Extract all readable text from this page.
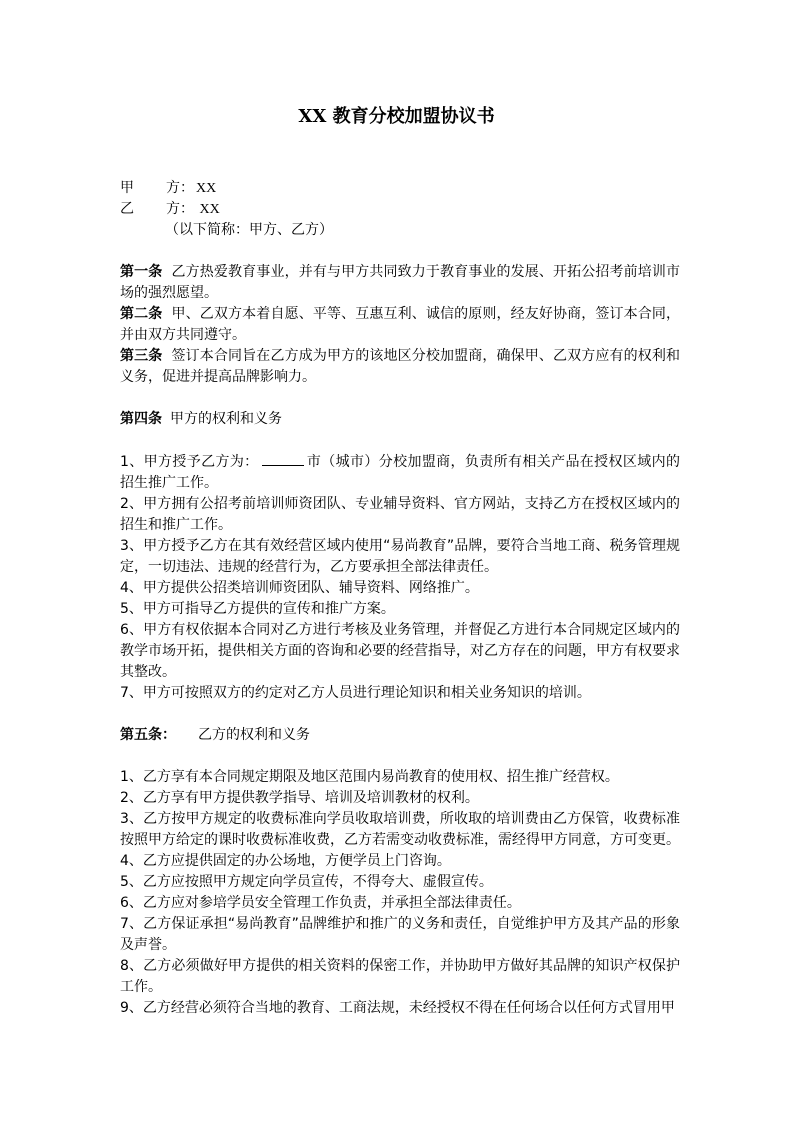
XX 教育分校加盟协议书
甲 方： XX
乙 方： XX
（以下简称：甲方、乙方）
第一条 乙方热爱教育事业，并有与甲方共同致力于教育事业的发展、开拓公招考前培训市场的强烈愿望。
第二条 甲、乙双方本着自愿、平等、互惠互利、诚信的原则，经友好协商，签订本合同，并由双方共同遵守。
第三条 签订本合同旨在乙方成为甲方的该地区分校加盟商，确保甲、乙双方应有的权利和义务，促进并提高品牌影响力。
第四条 甲方的权利和义务
1、甲方授予乙方为：	市（城市）分校加盟商，负责所有相关产品在授权区域内的招生推广工作。
2、甲方拥有公招考前培训师资团队、专业辅导资料、官方网站，支持乙方在授权区域内的招生和推广工作。
3、甲方授予乙方在其有效经营区域内使用“易尚教育”品牌，要符合当地工商、税务管理规定，一切违法、违规的经营行为，乙方要承担全部法律责任。
4、甲方提供公招类培训师资团队、辅导资料、网络推广。
5、甲方可指导乙方提供的宣传和推广方案。
6、甲方有权依据本合同对乙方进行考核及业务管理，并督促乙方进行本合同规定区域内的教学市场开拓，提供相关方面的咨询和必要的经营指导，对乙方存在的问题，甲方有权要求其整改。
7、甲方可按照双方的约定对乙方人员进行理论知识和相关业务知识的培训。
第五条： 乙方的权利和义务
1、乙方享有本合同规定期限及地区范围内易尚教育的使用权、招生推广经营权。
2、乙方享有甲方提供教学指导、培训及培训教材的权利。
3、乙方按甲方规定的收费标准向学员收取培训费，所收取的培训费由乙方保管，收费标准按照甲方给定的课时收费标准收费，乙方若需变动收费标准，需经得甲方同意，方可变更。
4、乙方应提供固定的办公场地，方便学员上门咨询。
5、乙方应按照甲方规定向学员宣传，不得夸大、虚假宣传。
6、乙方应对参培学员安全管理工作负责，并承担全部法律责任。
7、乙方保证承担“易尚教育”品牌维护和推广的义务和责任，自觉维护甲方及其产品的形象及声誉。
8、乙方必须做好甲方提供的相关资料的保密工作，并协助甲方做好其品牌的知识产权保护工作。
9、乙方经营必须符合当地的教育、工商法规，未经授权不得在任何场合以任何方式冒用甲
